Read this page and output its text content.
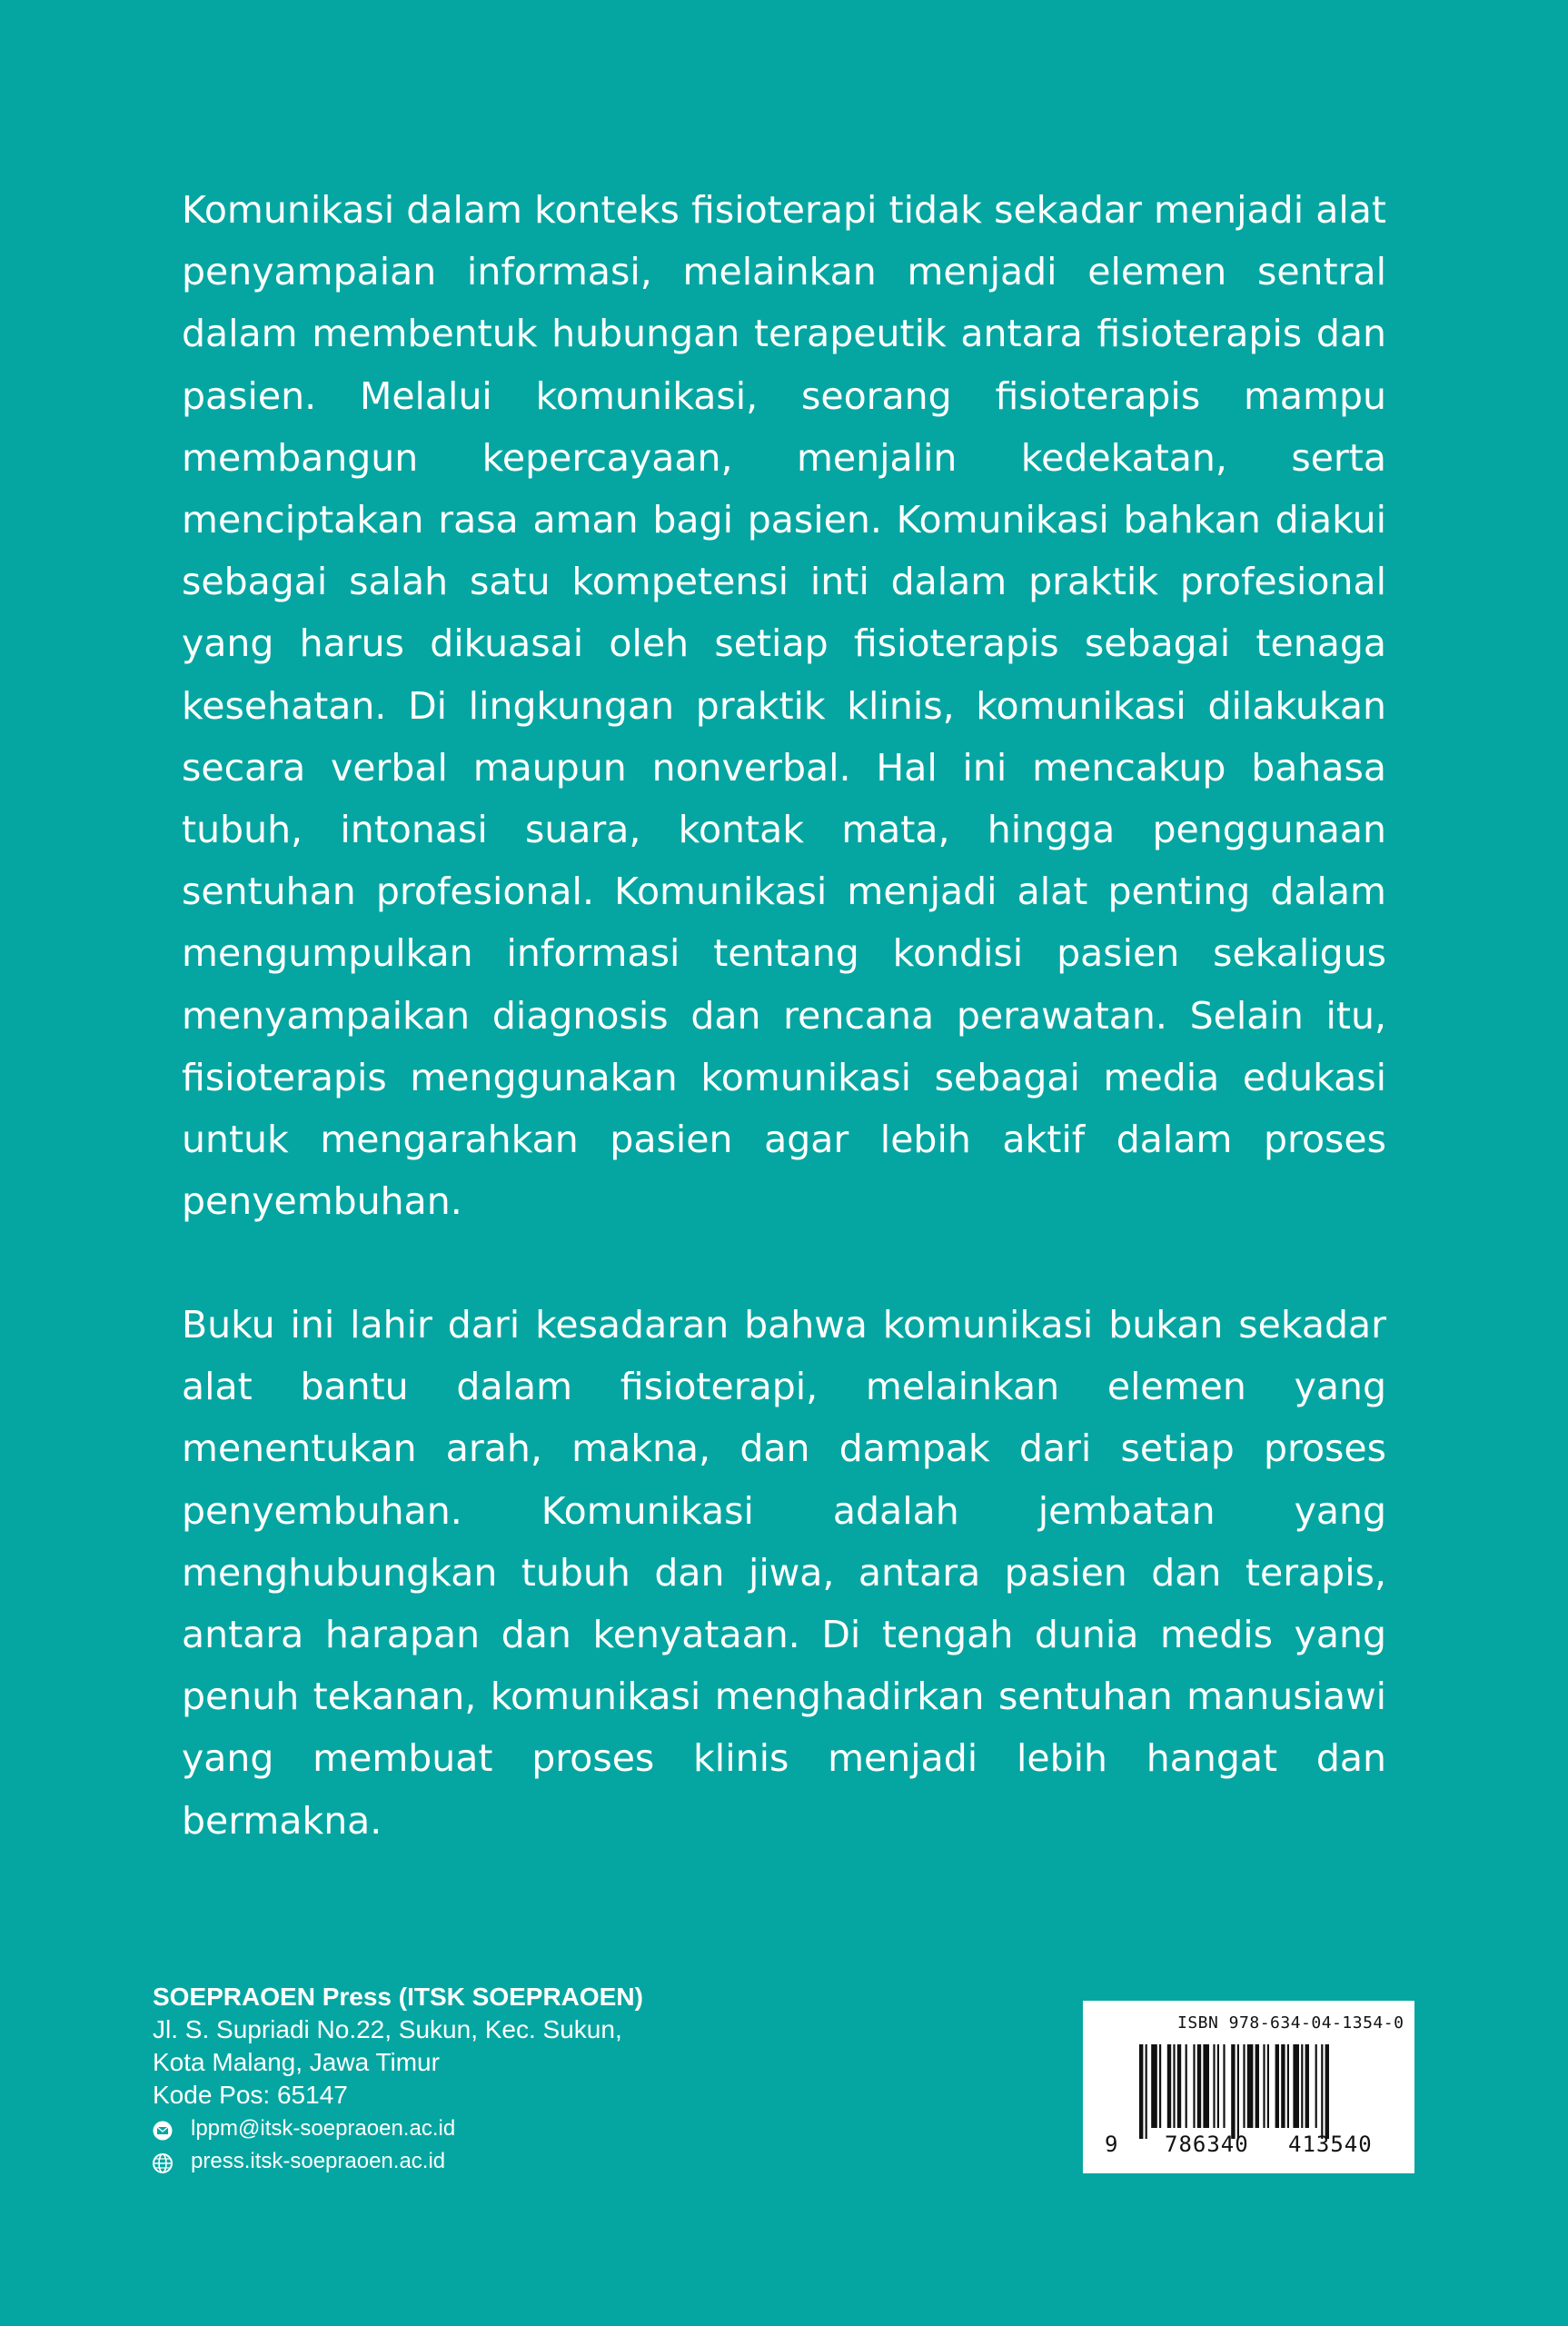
Komunikasi dalam konteks fisioterapi tidak sekadar menjadi alat penyampaian informasi, melainkan menjadi elemen sentral dalam membentuk hubungan terapeutik antara fisioterapis dan pasien. Melalui komunikasi, seorang fisioterapis mampu membangun kepercayaan, menjalin kedekatan, serta menciptakan rasa aman bagi pasien. Komunikasi bahkan diakui sebagai salah satu kompetensi inti dalam praktik profesional yang harus dikuasai oleh setiap fisioterapis sebagai tenaga kesehatan. Di lingkungan praktik klinis, komunikasi dilakukan secara verbal maupun nonverbal. Hal ini mencakup bahasa tubuh, intonasi suara, kontak mata, hingga penggunaan sentuhan profesional. Komunikasi menjadi alat penting dalam mengumpulkan informasi tentang kondisi pasien sekaligus menyampaikan diagnosis dan rencana perawatan. Selain itu, fisioterapis menggunakan komunikasi sebagai media edukasi untuk mengarahkan pasien agar lebih aktif dalam proses penyembuhan.

Buku ini lahir dari kesadaran bahwa komunikasi bukan sekadar alat bantu dalam fisioterapi, melainkan elemen yang menentukan arah, makna, dan dampak dari setiap proses penyembuhan. Komunikasi adalah jembatan yang menghubungkan tubuh dan jiwa, antara pasien dan terapis, antara harapan dan kenyataan. Di tengah dunia medis yang penuh tekanan, komunikasi menghadirkan sentuhan manusiawi yang membuat proses klinis menjadi lebih hangat dan bermakna.

SOEPRAOEN Press (ITSK SOEPRAOEN)
Jl. S. Supriadi No.22, Sukun, Kec. Sukun,
Kota Malang, Jawa Timur
Kode Pos: 65147
lppm@itsk-soepraoen.ac.id
press.itsk-soepraoen.ac.id
ISBN 978-634-04-1354-0
9 786340 413540
